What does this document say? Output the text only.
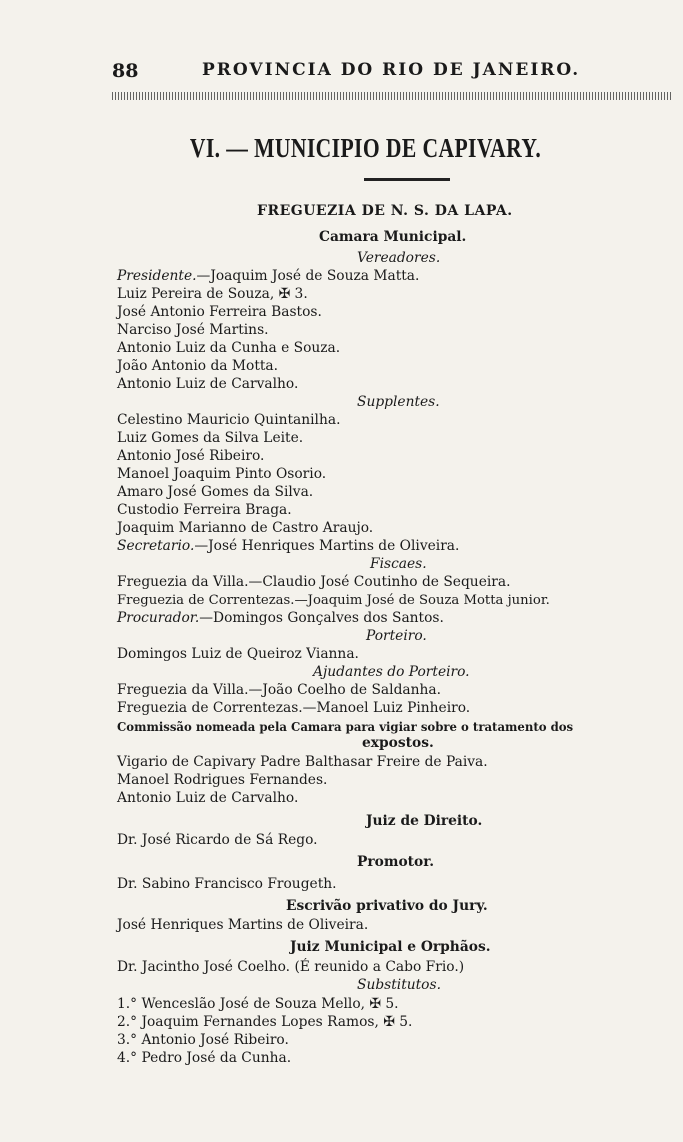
88	PROVINCIA DO RIO DE JANEIRO.
VI. — MUNICIPIO DE CAPIVARY.
FREGUEZIA DE N. S. DA LAPA.
Camara Municipal.
Vereadores.
Presidente.—Joaquim José de Souza Matta.
Luiz Pereira de Souza, ✠ 3.
José Antonio Ferreira Bastos.
Narciso José Martins.
Antonio Luiz da Cunha e Souza.
João Antonio da Motta.
Antonio Luiz de Carvalho.
Supplentes.
Celestino Mauricio Quintanilha.
Luiz Gomes da Silva Leite.
Antonio José Ribeiro.
Manoel Joaquim Pinto Osorio.
Amaro José Gomes da Silva.
Custodio Ferreira Braga.
Joaquim Marianno de Castro Araujo.
Secretario.—José Henriques Martins de Oliveira.
Fiscaes.
Freguezia da Villa.—Claudio José Coutinho de Sequeira.
Freguezia de Correntezas.—Joaquim José de Souza Motta junior.
Procurador.—Domingos Gonçalves dos Santos.
Porteiro.
Domingos Luiz de Queiroz Vianna.
Ajudantes do Porteiro.
Freguezia da Villa.—João Coelho de Saldanha.
Freguezia de Correntezas.—Manoel Luiz Pinheiro.
Commissão nomeada pela Camara para vigiar sobre o tratamento dos
expostos.
Vigario de Capivary Padre Balthasar Freire de Paiva.
Manoel Rodrigues Fernandes.
Antonio Luiz de Carvalho.
Juiz de Direito.
Dr. José Ricardo de Sá Rego.
Promotor.
Dr. Sabino Francisco Frougeth.
Escrivão privativo do Jury.
José Henriques Martins de Oliveira.
Juiz Municipal e Orphãos.
Dr. Jacintho José Coelho. (É reunido a Cabo Frio.)
Substitutos.
1.° Wenceslão José de Souza Mello, ✠ 5.
2.° Joaquim Fernandes Lopes Ramos, ✠ 5.
3.° Antonio José Ribeiro.
4.° Pedro José da Cunha.
